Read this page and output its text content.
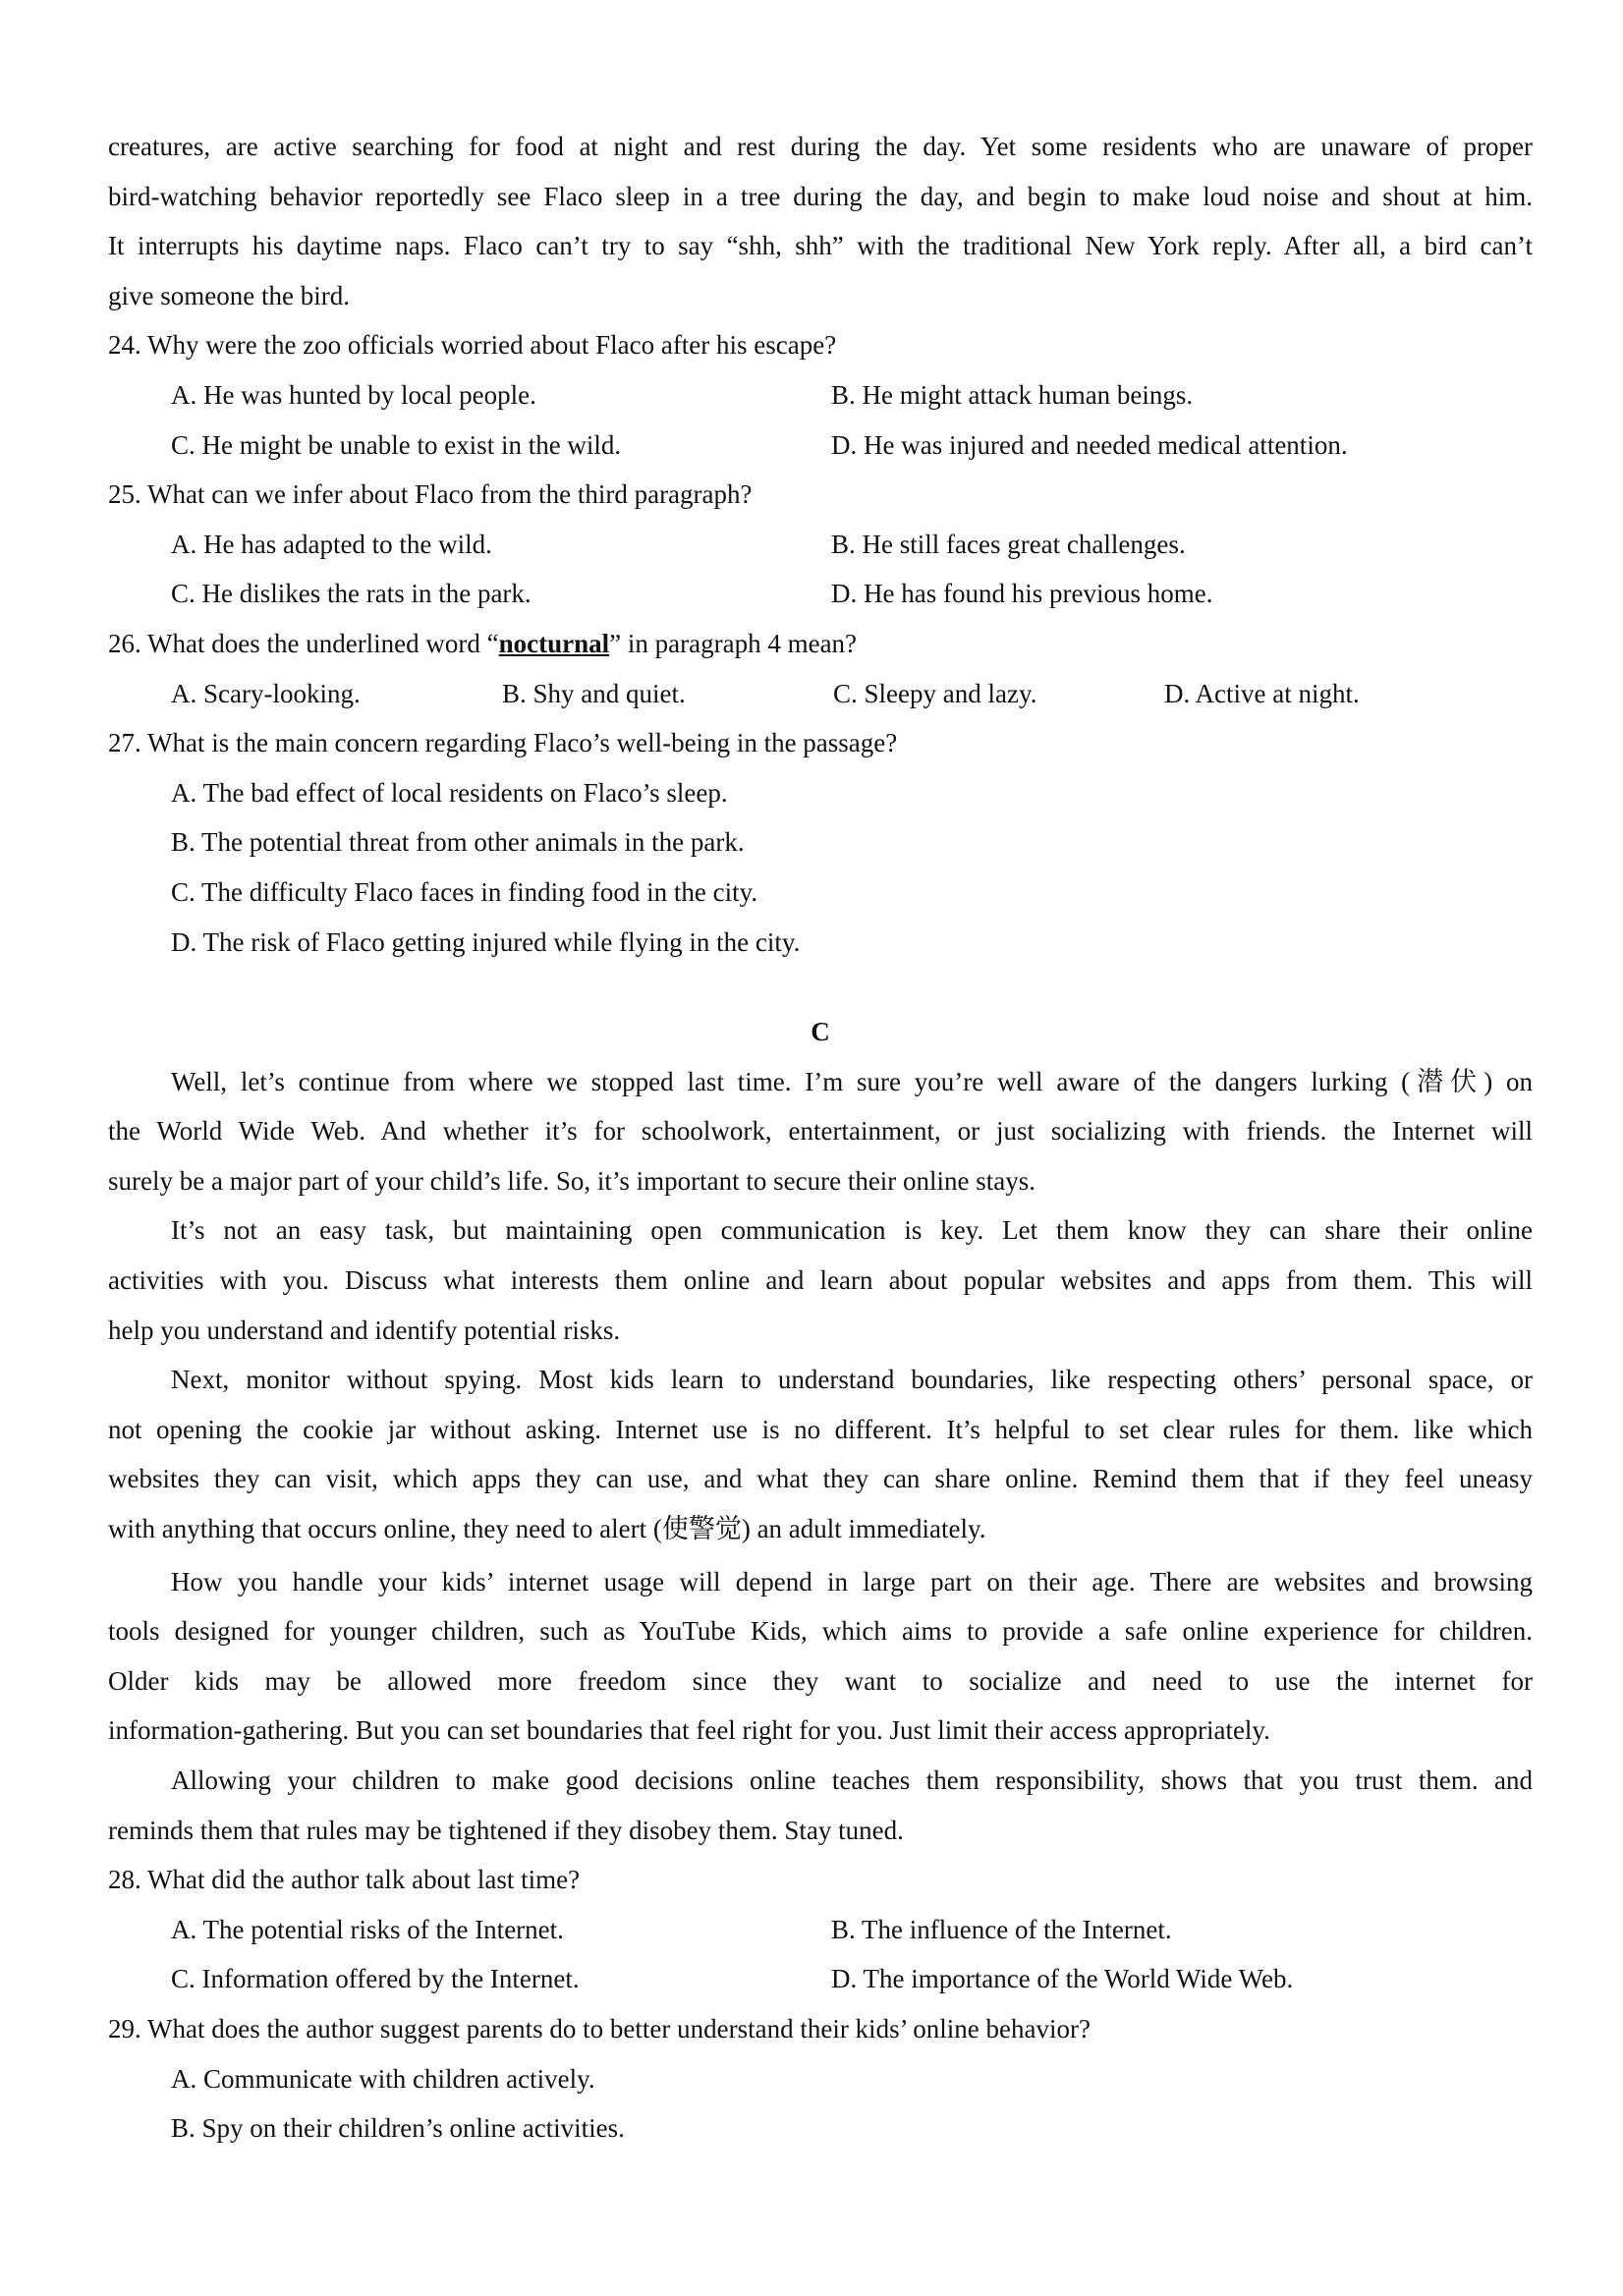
creatures, are active searching for food at night and rest during the day. Yet some residents who are unaware of proper
bird-watching behavior reportedly see Flaco sleep in a tree during the day, and begin to make loud noise and shout at him.
It interrupts his daytime naps. Flaco can’t try to say “shh, shh” with the traditional New York reply. After all, a bird can’t
give someone the bird.
24. Why were the zoo officials worried about Flaco after his escape?
A. He was hunted by local people.	B. He might attack human beings.
C. He might be unable to exist in the wild.	D. He was injured and needed medical attention.
25. What can we infer about Flaco from the third paragraph?
A. He has adapted to the wild.	B. He still faces great challenges.
C. He dislikes the rats in the park.	D. He has found his previous home.
26. What does the underlined word “nocturnal” in paragraph 4 mean?
A. Scary-looking.	B. Shy and quiet.	C. Sleepy and lazy.	D. Active at night.
27. What is the main concern regarding Flaco’s well-being in the passage?
A. The bad effect of local residents on Flaco’s sleep.
B. The potential threat from other animals in the park.
C. The difficulty Flaco faces in finding food in the city.
D. The risk of Flaco getting injured while flying in the city.
C
Well, let’s continue from where we stopped last time. I’m sure you’re well aware of the dangers lurking (潜伏) on
the World Wide Web. And whether it’s for schoolwork, entertainment, or just socializing with friends. the Internet will
surely be a major part of your child’s life. So, it’s important to secure their online stays.
It’s not an easy task, but maintaining open communication is key. Let them know they can share their online
activities with you. Discuss what interests them online and learn about popular websites and apps from them. This will
help you understand and identify potential risks.
Next, monitor without spying. Most kids learn to understand boundaries, like respecting others’ personal space, or
not opening the cookie jar without asking. Internet use is no different. It’s helpful to set clear rules for them. like which
websites they can visit, which apps they can use, and what they can share online. Remind them that if they feel uneasy
with anything that occurs online, they need to alert (使警觉) an adult immediately.
How you handle your kids’ internet usage will depend in large part on their age. There are websites and browsing
tools designed for younger children, such as YouTube Kids, which aims to provide a safe online experience for children.
Older kids may be allowed more freedom since they want to socialize and need to use the internet for
information-gathering. But you can set boundaries that feel right for you. Just limit their access appropriately.
Allowing your children to make good decisions online teaches them responsibility, shows that you trust them. and
reminds them that rules may be tightened if they disobey them. Stay tuned.
28. What did the author talk about last time?
A. The potential risks of the Internet.	B. The influence of the Internet.
C. Information offered by the Internet.	D. The importance of the World Wide Web.
29. What does the author suggest parents do to better understand their kids’ online behavior?
A. Communicate with children actively.
B. Spy on their children’s online activities.
